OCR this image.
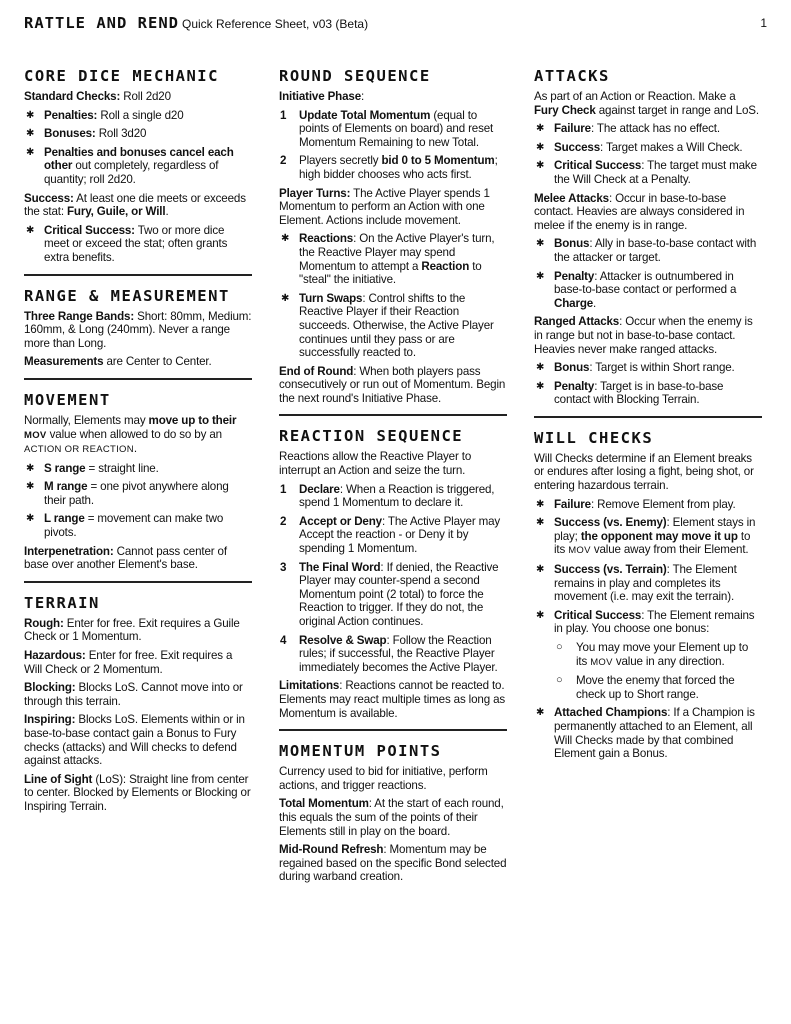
RATTLE AND REND Quick Reference Sheet, v03 (Beta)	1
CORE DICE MECHANIC

Standard Checks: Roll 2d20

✱ Penalties: Roll a single d20
✱ Bonuses: Roll 3d20
✱ Penalties and bonuses cancel each other out completely, regardless of quantity; roll 2d20.

Success: At least one die meets or exceeds the stat: Fury, Guile, or Will.

✱ Critical Success: Two or more dice meet or exceed the stat; often grants extra benefits.
RANGE & MEASUREMENT

Three Range Bands: Short: 80mm, Medium: 160mm, & Long (240mm). Never a range more than Long.

Measurements are Center to Center.

MOVEMENT

Normally, Elements may move up to their MOV value when allowed to do so by an ACTION OR REACTION.

✱ S range = straight line.
✱ M range = one pivot anywhere along their path.
✱ L range = movement can make two pivots.

Interpenetration: Cannot pass center of base over another Element's base.

TERRAIN

Rough: Enter for free. Exit requires a Guile Check or 1 Momentum.

Hazardous: Enter for free. Exit requires a Will Check or 2 Momentum.

Blocking: Blocks LoS. Cannot move into or through this terrain.

Inspiring: Blocks LoS. Elements within or in base-to-base contact gain a Bonus to Fury checks (attacks) and Will checks to defend against attacks.

Line of Sight (LoS): Straight line from center to center. Blocked by Elements or Blocking or Inspiring Terrain.

ROUND SEQUENCE

Initiative Phase:

1 Update Total Momentum (equal to points of Elements on board) and reset Momentum Remaining to new Total.
2 Players secretly bid 0 to 5 Momentum; high bidder chooses who acts first.

Player Turns: The Active Player spends 1 Momentum to perform an Action with one Element. Actions include movement.

✱ Reactions: On the Active Player's turn, the Reactive Player may spend Momentum to attempt a Reaction to "steal" the initiative.
✱ Turn Swaps: Control shifts to the Reactive Player if their Reaction succeeds. Otherwise, the Active Player continues until they pass or are successfully reacted to.

End of Round: When both players pass consecutively or run out of Momentum. Begin the next round's Initiative Phase.

REACTION SEQUENCE

Reactions allow the Reactive Player to interrupt an Action and seize the turn.

1 Declare: When a Reaction is triggered, spend 1 Momentum to declare it.
2 Accept or Deny: The Active Player may Accept the reaction - or Deny it by spending 1 Momentum.
3 The Final Word: If denied, the Reactive Player may counter-spend a second Momentum point (2 total) to force the Reaction to trigger. If they do not, the original Action continues.
4 Resolve & Swap: Follow the Reaction rules; if successful, the Reactive Player immediately becomes the Active Player.

Limitations: Reactions cannot be reacted to. Elements may react multiple times as long as Momentum is available.

MOMENTUM POINTS

Currency used to bid for initiative, perform actions, and trigger reactions.

Total Momentum: At the start of each round, this equals the sum of the points of their Elements still in play on the board.

Mid-Round Refresh: Momentum may be regained based on the specific Bond selected during warband creation.

ATTACKS

As part of an Action or Reaction. Make a Fury Check against target in range and LoS.

✱ Failure: The attack has no effect.
✱ Success: Target makes a Will Check.
✱ Critical Success: The target must make the Will Check at a Penalty.

Melee Attacks: Occur in base-to-base contact. Heavies are always considered in melee if the enemy is in range.

✱ Bonus: Ally in base-to-base contact with the attacker or target.
✱ Penalty: Attacker is outnumbered in base-to-base contact or performed a Charge.

Ranged Attacks: Occur when the enemy is in range but not in base-to-base contact. Heavies never make ranged attacks.

✱ Bonus: Target is within Short range.
✱ Penalty: Target is in base-to-base contact with Blocking Terrain.
WILL CHECKS

Will Checks determine if an Element breaks or endures after losing a fight, being shot, or entering hazardous terrain.

✱ Failure: Remove Element from play.
✱ Success (vs. Enemy): Element stays in play; the opponent may move it up to its MOV value away from their Element.
✱ Success (vs. Terrain): The Element remains in play and completes its movement (i.e. may exit the terrain).
✱ Critical Success: The Element remains in play. You choose one bonus:
○ You may move your Element up to its MOV value in any direction.
○ Move the enemy that forced the check up to Short range.
✱ Attached Champions: If a Champion is permanently attached to an Element, all Will Checks made by that combined Element gain a Bonus.
